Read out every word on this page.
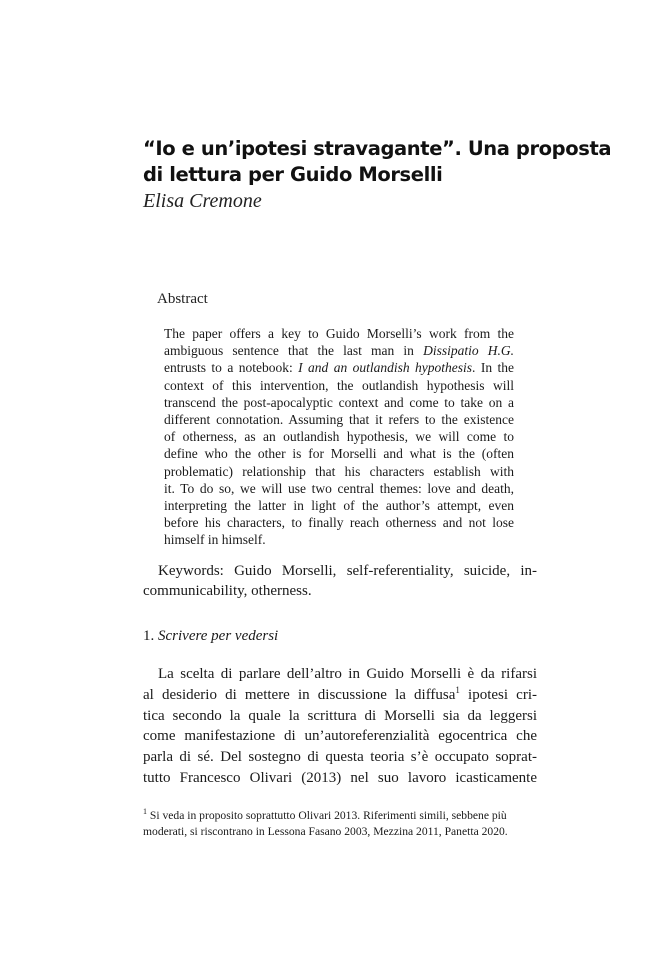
“Io e un’ipotesi stravagante”. Una proposta
di lettura per Guido Morselli

Elisa Cremone

Abstract
The paper offers a key to Guido Morselli’s work from the
ambiguous sentence that the last man in Dissipatio H.G.
entrusts to a notebook: I and an outlandish hypothesis. In the
context of this intervention, the outlandish hypothesis will
transcend the post-apocalyptic context and come to take on a
different connotation. Assuming that it refers to the existence
of otherness, as an outlandish hypothesis, we will come to
define who the other is for Morselli and what is the (often
problematic) relationship that his characters establish with
it. To do so, we will use two central themes: love and death,
interpreting the latter in light of the author’s attempt, even
before his characters, to finally reach otherness and not lose
himself in himself.
Keywords: Guido Morselli, self-referentiality, suicide, in-
communicability, otherness.
1. Scrivere per vedersi
La scelta di parlare dell’altro in Guido Morselli è da rifarsi
al desiderio di mettere in discussione la diffusa$^1$ ipotesi cri-
tica secondo la quale la scrittura di Morselli sia da leggersi
come manifestazione di un’autoreferenzialità egocentrica che
parla di sé. Del sostegno di questa teoria s’è occupato soprat-
tutto Francesco Olivari (2013) nel suo lavoro icasticamente
$^1$ Si veda in proposito soprattutto Olivari 2013. Riferimenti simili, sebbene più
moderati, si riscontrano in Lessona Fasano 2003, Mezzina 2011, Panetta 2020.
